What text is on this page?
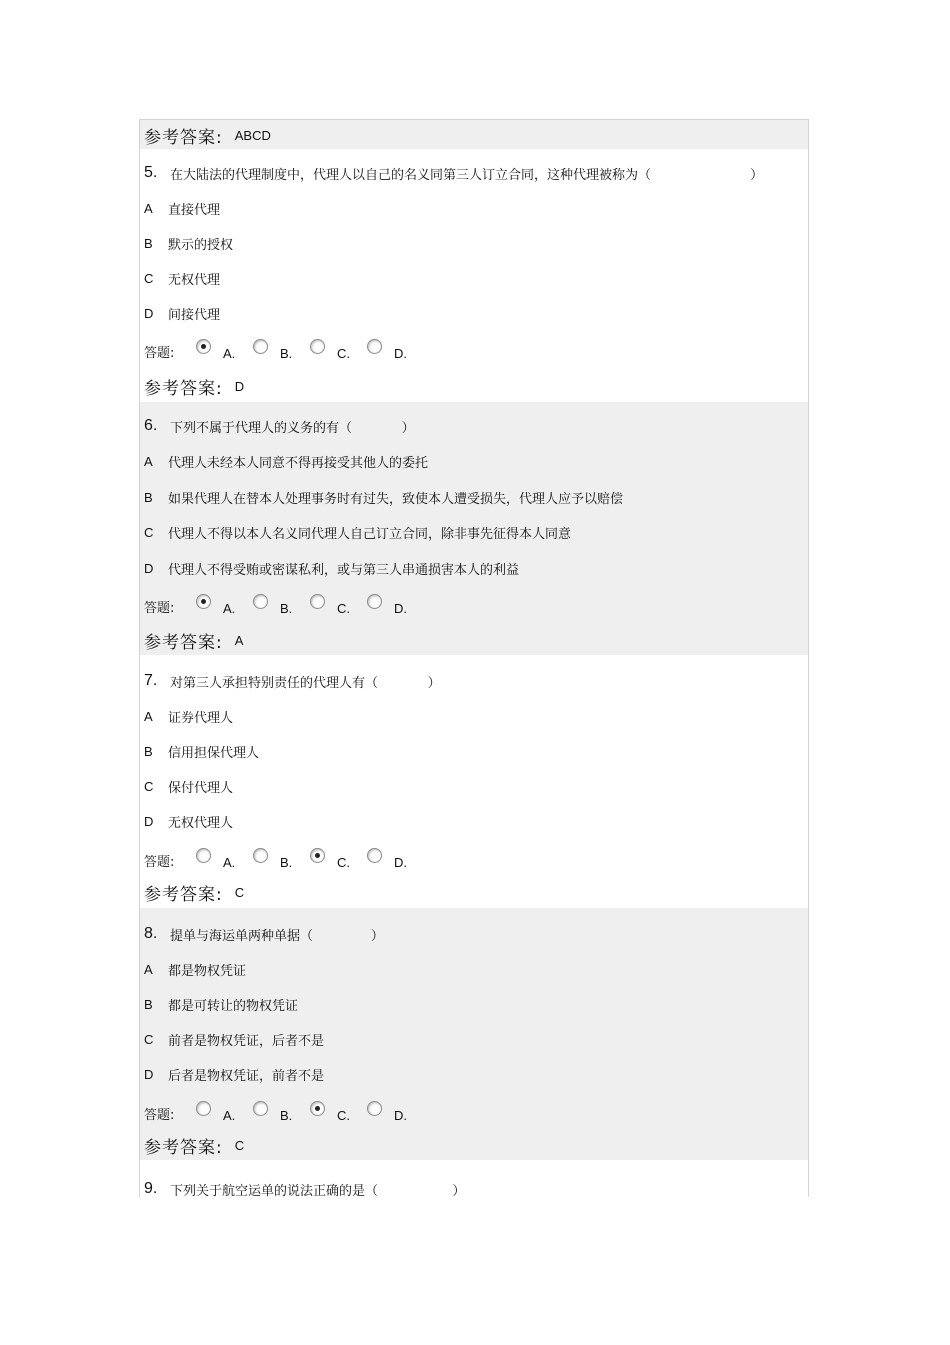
参考答案: ABCD
5. 在大陆法的代理制度中，代理人以自己的名义同第三人订立合同，这种代理被称为（                        ）
A	直接代理
B	默示的授权
C	无权代理
D	间接代理
答题:	A.	B.	C.	D.
参考答案: D
6. 下列不属于代理人的义务的有（            ）
A	代理人未经本人同意不得再接受其他人的委托
B	如果代理人在替本人处理事务时有过失，致使本人遭受损失，代理人应予以赔偿
C	代理人不得以本人名义同代理人自己订立合同，除非事先征得本人同意
D	代理人不得受贿或密谋私利，或与第三人串通损害本人的利益
答题:	A.	B.	C.	D.
参考答案: A
7. 对第三人承担特别责任的代理人有（            ）
A	证券代理人
B	信用担保代理人
C	保付代理人
D	无权代理人
答题:	A.	B.	C.	D.
参考答案: C
8. 提单与海运单两种单据（              ）
A	都是物权凭证
B	都是可转让的物权凭证
C	前者是物权凭证，后者不是
D	后者是物权凭证，前者不是
答题:	A.	B.	C.	D.
参考答案: C
9. 下列关于航空运单的说法正确的是（                  ）
